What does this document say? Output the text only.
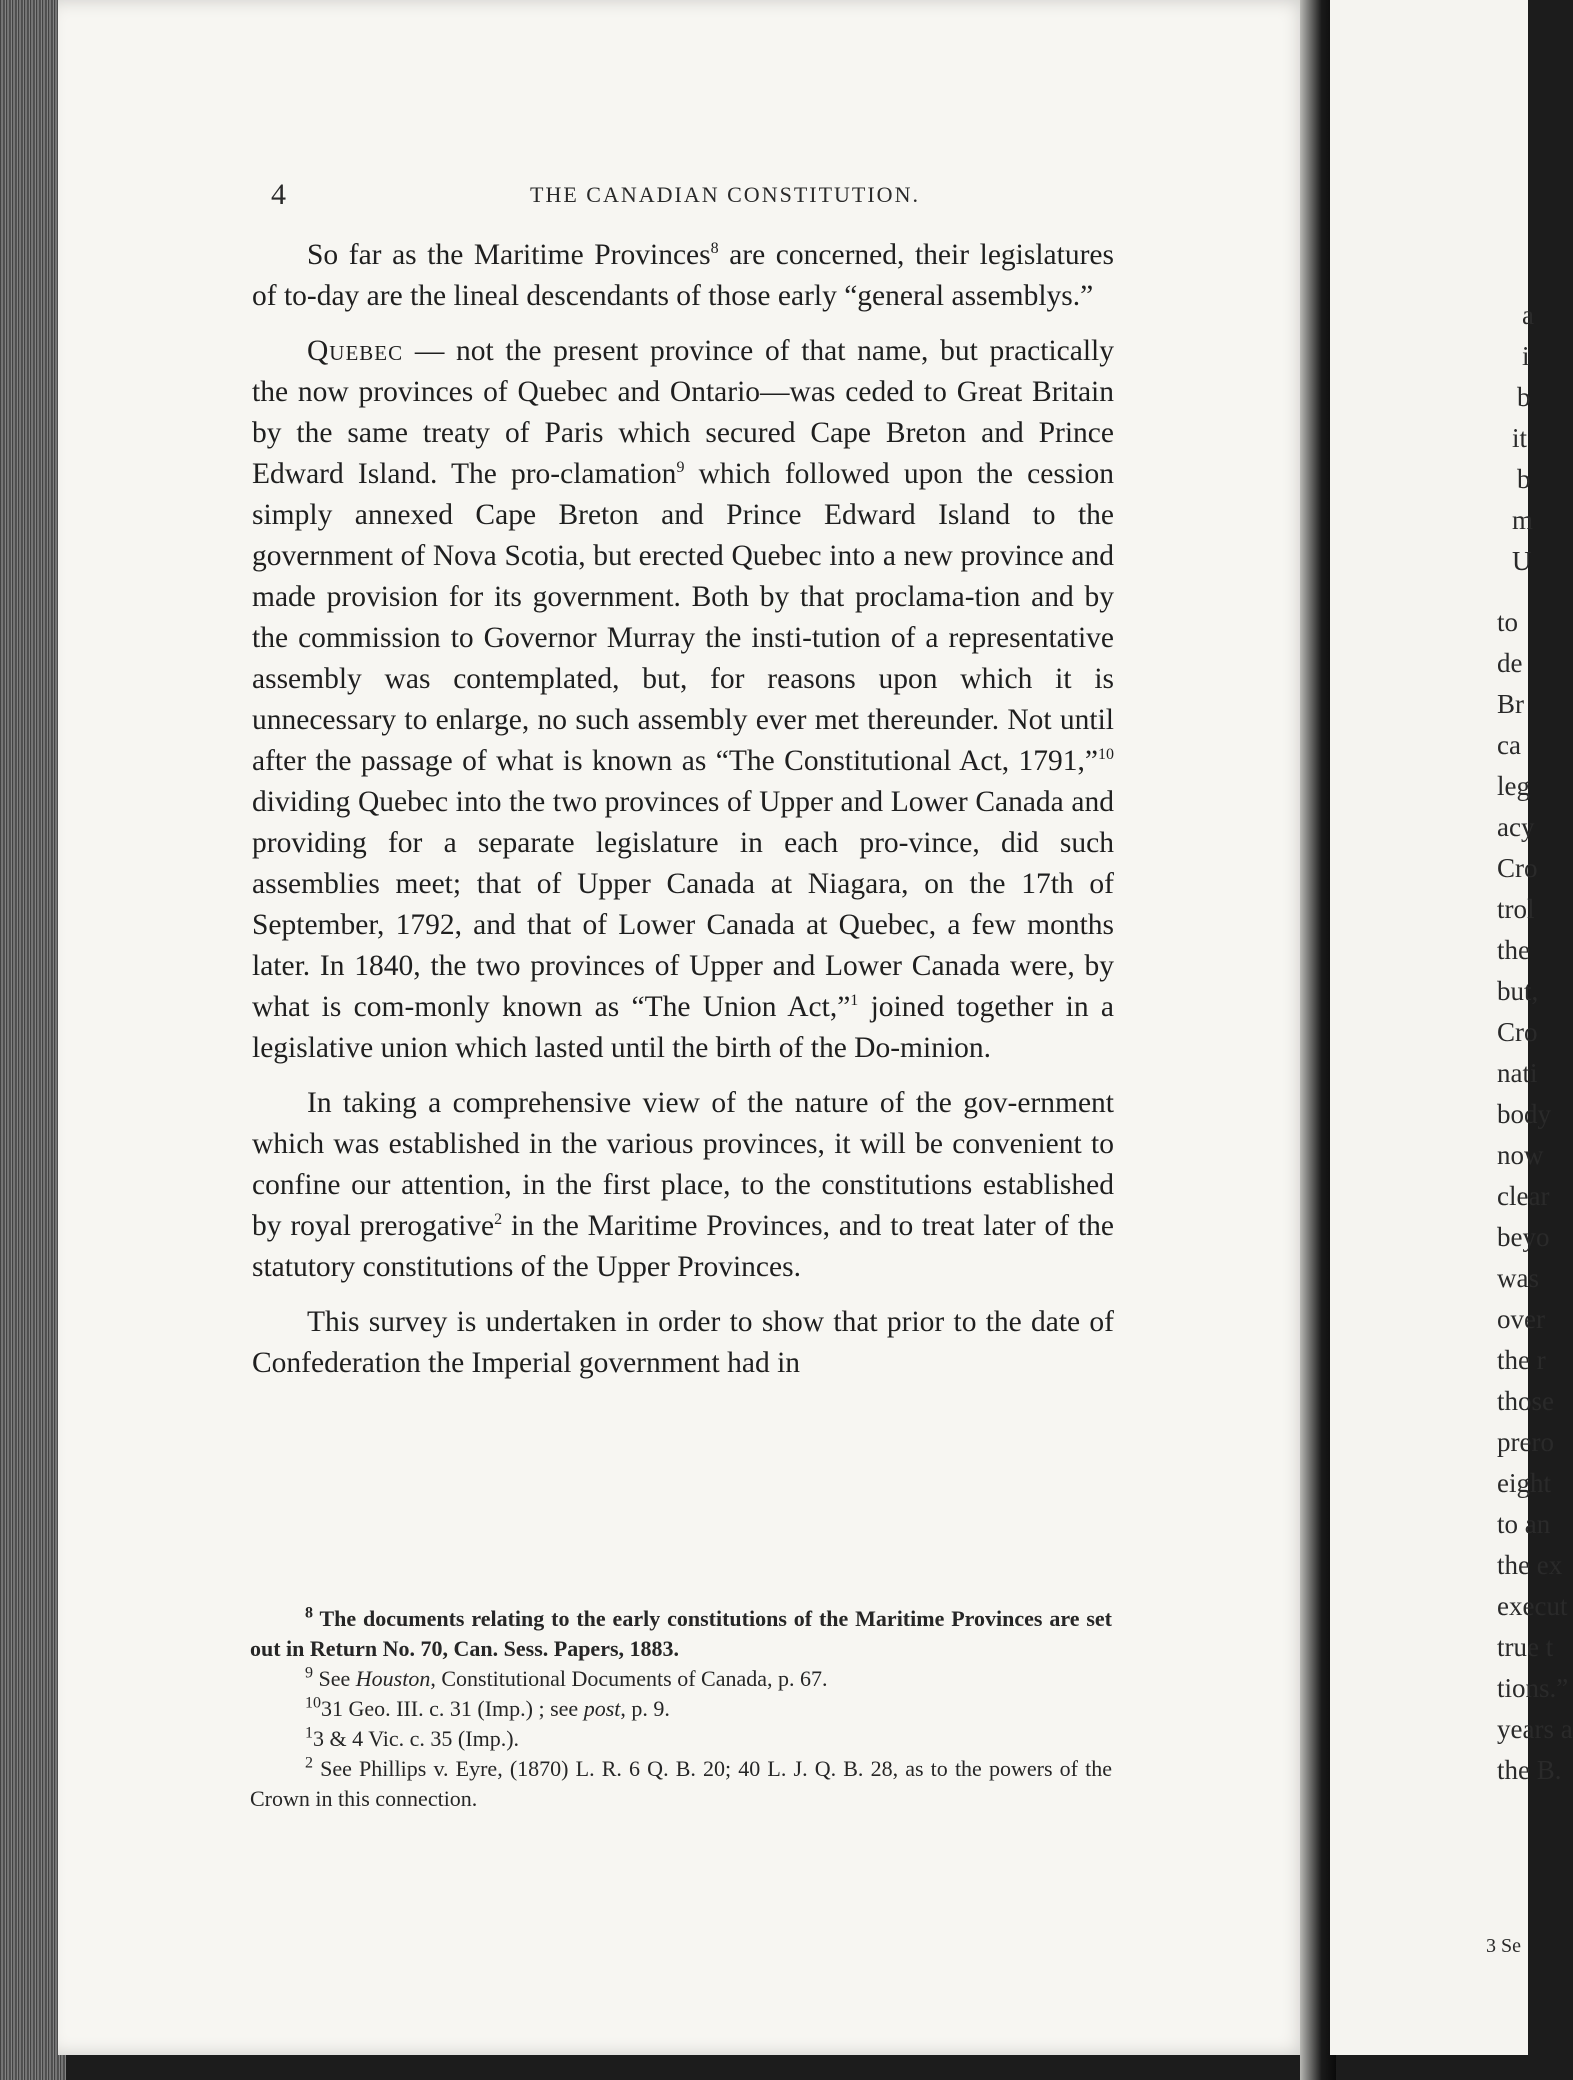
4	THE CANADIAN CONSTITUTION.

So far as the Maritime Provinces$^8$ are concerned, their legislatures of to-day are the lineal descendants of those early “general assemblys.”

Quebec — not the present province of that name, but practically the now provinces of Quebec and Ontario—was ceded to Great Britain by the same treaty of Paris which secured Cape Breton and Prince Edward Island. The pro-clamation$^9$ which followed upon the cession simply annexed Cape Breton and Prince Edward Island to the government of Nova Scotia, but erected Quebec into a new province and made provision for its government. Both by that proclama-tion and by the commission to Governor Murray the insti-tution of a representative assembly was contemplated, but, for reasons upon which it is unnecessary to enlarge, no such assembly ever met thereunder. Not until after the passage of what is known as “The Constitutional Act, 1791,”$^{10}$ dividing Quebec into the two provinces of Upper and Lower Canada and providing for a separate legislature in each pro-vince, did such assemblies meet; that of Upper Canada at Niagara, on the 17th of September, 1792, and that of Lower Canada at Quebec, a few months later. In 1840, the two provinces of Upper and Lower Canada were, by what is com-monly known as “The Union Act,”$^1$ joined together in a legislative union which lasted until the birth of the Do-minion.

In taking a comprehensive view of the nature of the gov-ernment which was established in the various provinces, it will be convenient to confine our attention, in the first place, to the constitutions established by royal prerogative$^2$ in the Maritime Provinces, and to treat later of the statutory constitutions of the Upper Provinces.

This survey is undertaken in order to show that prior to the date of Confederation the Imperial government had in

$^8$ The documents relating to the early constitutions of the Maritime Provinces are set out in Return No. 70, Can. Sess. Papers, 1883.

$^9$ See Houston, Constitutional Documents of Canada, p. 67.

$^{10}$31 Geo. III. c. 31 (Imp.) ; see post, p. 9.

$^1$3 & 4 Vic. c. 35 (Imp.).

$^2$ See Phillips v. Eyre, (1870) L. R. 6 Q. B. 20; 40 L. J. Q. B. 28, as to the powers of the Crown in this connection.

a
i
b
it
b
m
U
to
de
Br
ca
leg
acy
Cro
trol
the
but,
Cro
nati
body
now
clear
beyo
was
over
the r
those
prero
eight
to an
the ex
execut
true t
tions.”
years a
the B.
3 Se
